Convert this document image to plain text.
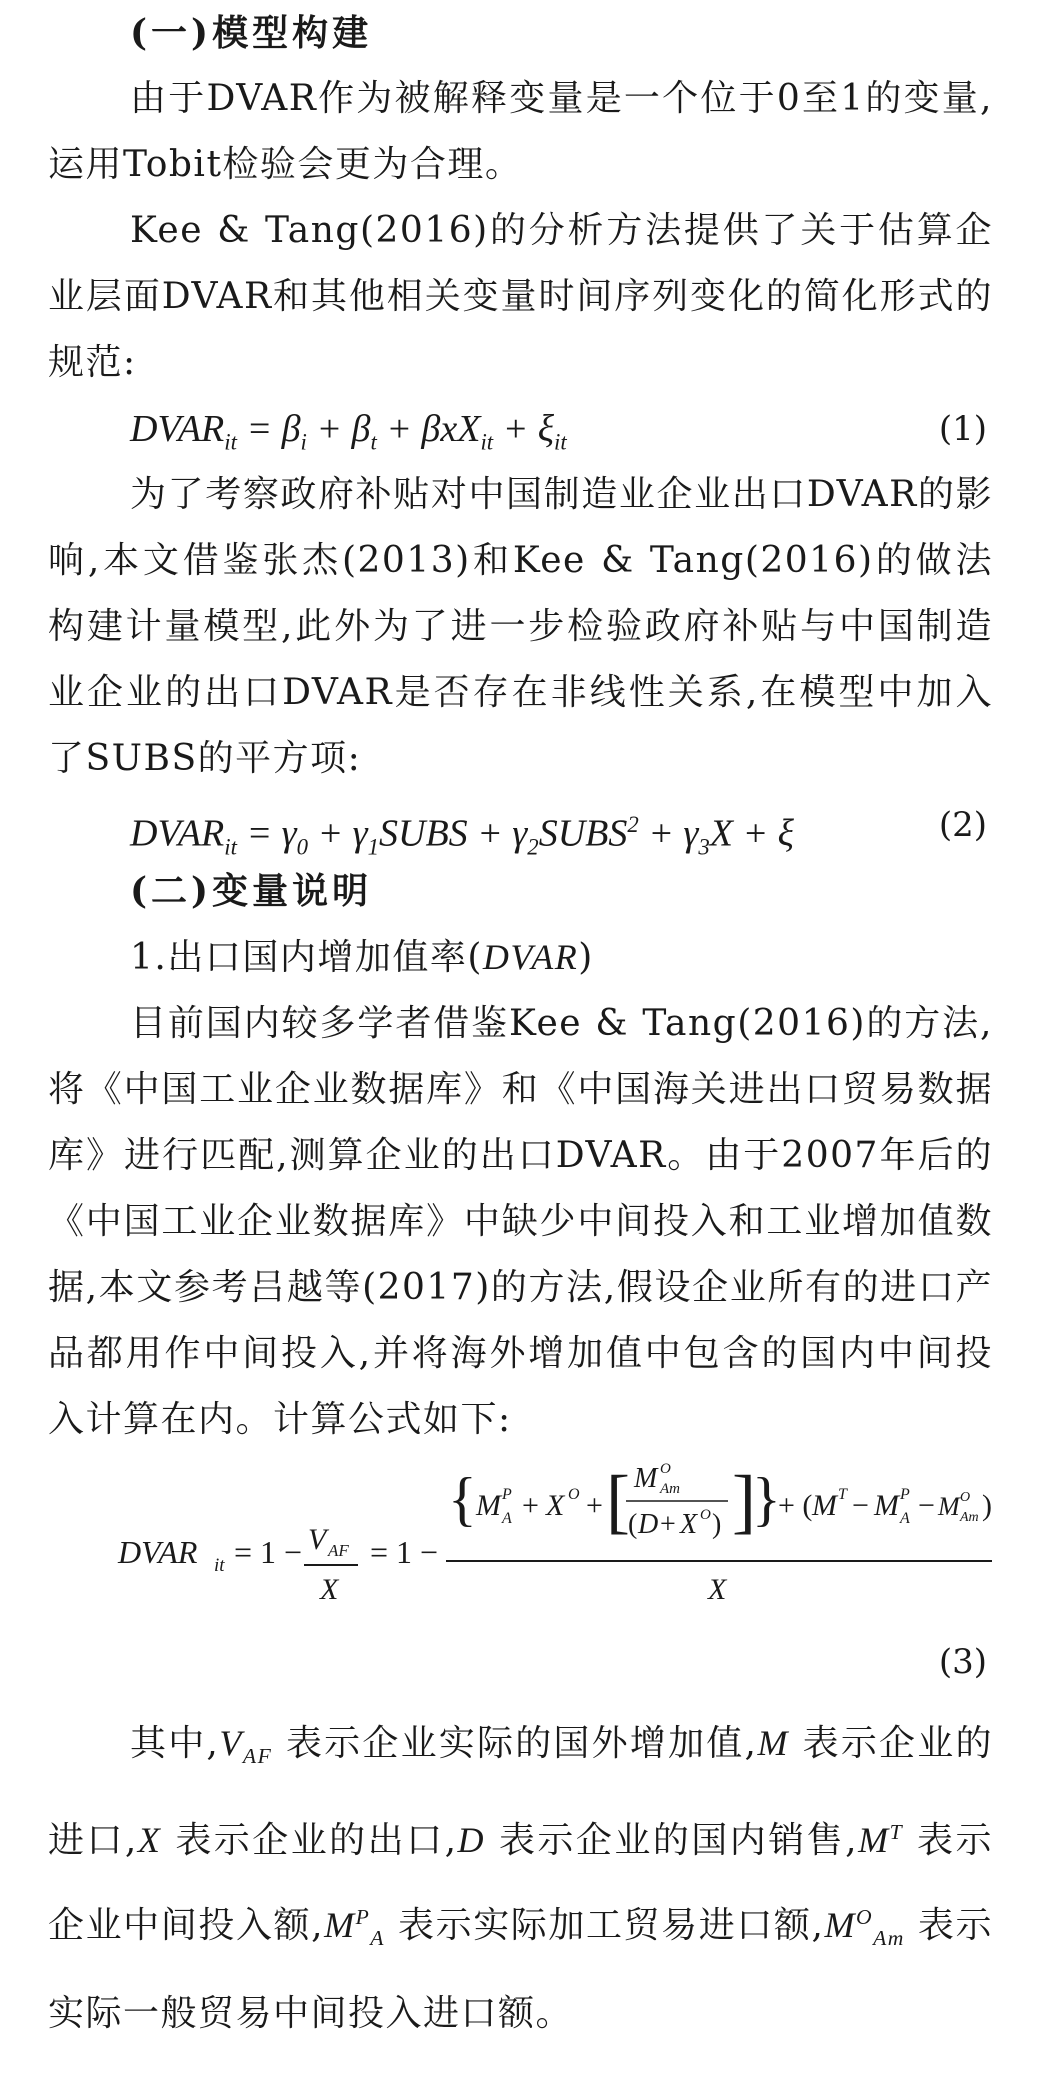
(一)模型构建

由于DVAR作为被解释变量是一个位于0至1的变量,运用Tobit检验会更为合理。

Kee & Tang(2016)的分析方法提供了关于估算企业层面DVAR和其他相关变量时间序列变化的简化形式的规范:

$DVAR_{it} = \beta_i + \beta_t + \beta xX_{it} + \xi_{it}$	(1)

为了考察政府补贴对中国制造业企业出口DVAR的影响,本文借鉴张杰(2013)和Kee & Tang(2016)的做法构建计量模型,此外为了进一步检验政府补贴与中国制造业企业的出口DVAR是否存在非线性关系,在模型中加入了SUBS的平方项:

$DVAR_{it} = \gamma_0$ + $\gamma_1SUBS$ + $\gamma_2SUBS^2 + \gamma_3X + \xi$	(2)

(二)变量说明

1.出口国内增加值率(DVAR)

目前国内较多学者借鉴Kee & Tang(2016)的方法,将《中国工业企业数据库》和《中国海关进出口贸易数据库》进行匹配,测算企业的出口DVAR。由于2007年后的《中国工业企业数据库》中缺少中间投入和工业增加值数据,本文参考吕越等(2017)的方法,假设企业所有的进口产品都用作中间投入,并将海外增加值中包含的国内中间投入计算在内。计算公式如下:

DVAR it = 1 − V AF
X
= 1 −
{ M P
A + X O + [ M O
Am
( D + X O ) ]
}
+ ( M T − M P
A − M O
Am )
X
(3)

其中$,V_{AF}$ 表示企业实际的国外增加值,M 表示企业的进口,X 表示企业的出口,D 表示企业的国内销售$,M^T$ 表示企业中间投入额$,M^P_A$ 表示实际加工贸易进口额$,M^O_{Am}$ 表示实际一般贸易中间投入进口额。
